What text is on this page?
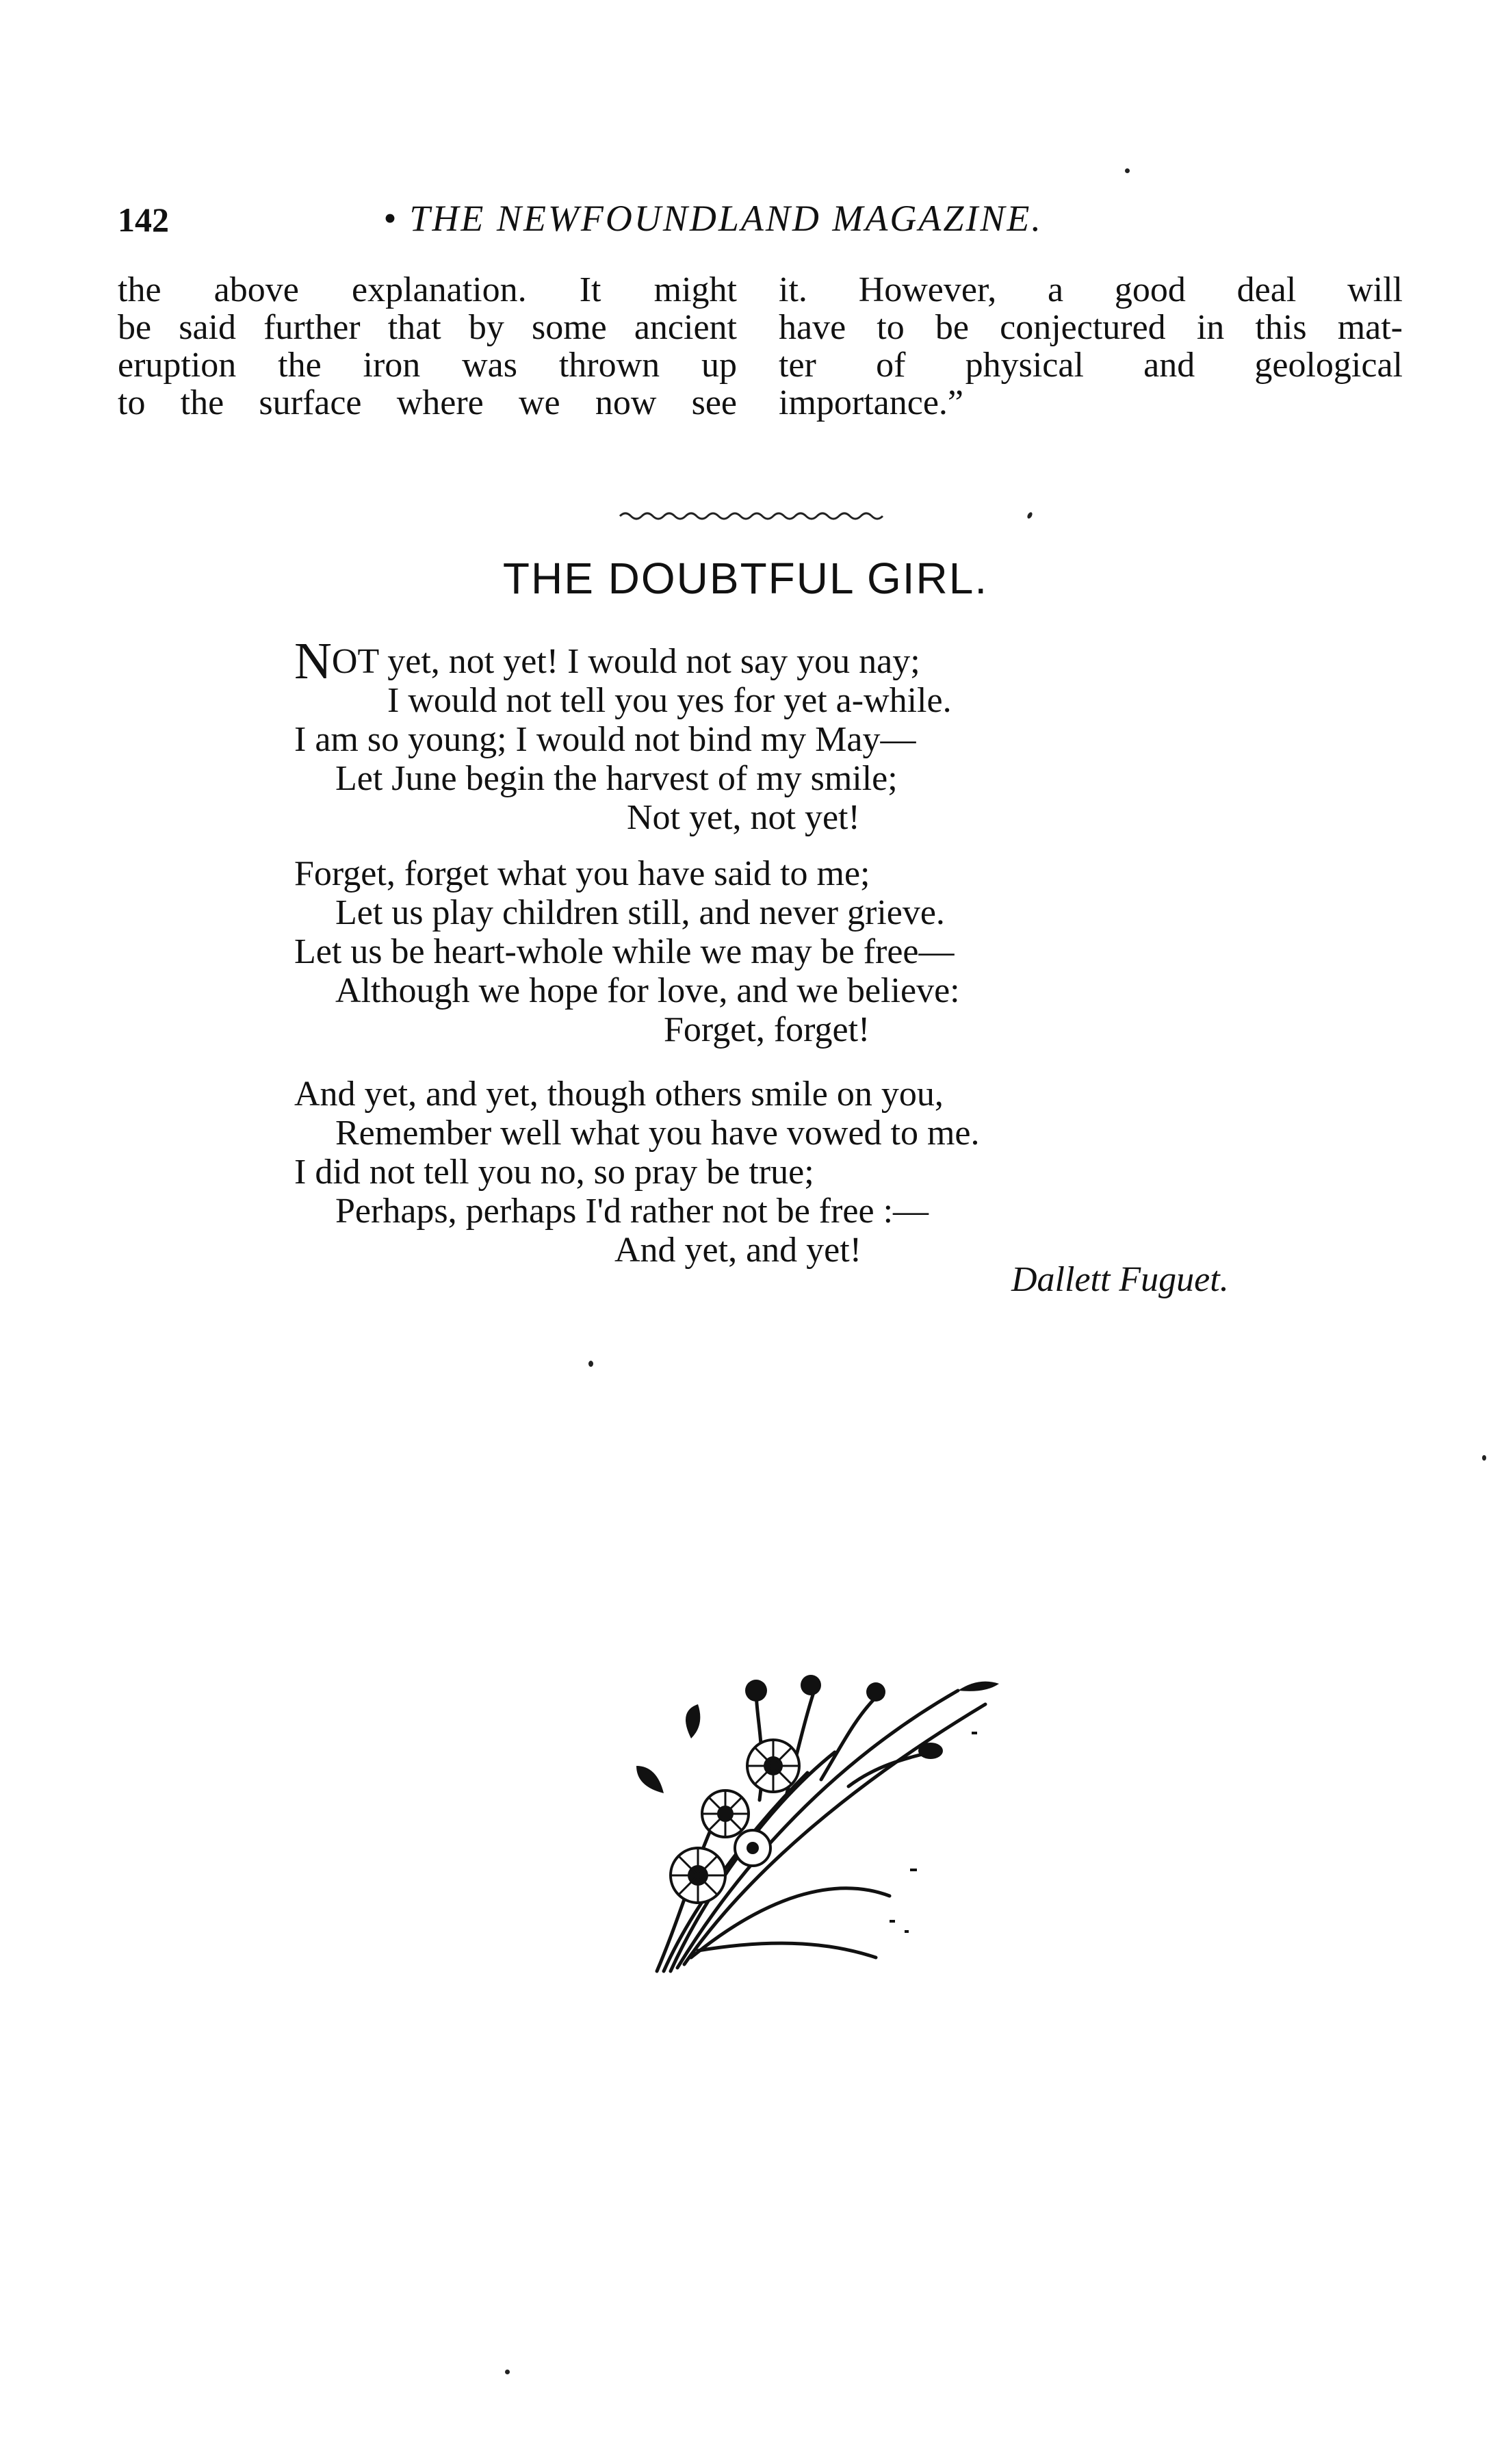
142	• THE NEWFOUNDLAND MAGAZINE.
the above explanation. It might
be said further that by some ancient
eruption the iron was thrown up
to the surface where we now see
it. However, a good deal will
have to be conjectured in this mat-
ter of physical and geological
importance.”
THE DOUBTFUL GIRL.
NOT yet, not yet! I would not say you nay;
I would not tell you yes for yet a-while.
I am so young; I would not bind my May—
Let June begin the harvest of my smile;
Not yet, not yet!
Forget, forget what you have said to me;
Let us play children still, and never grieve.
Let us be heart-whole while we may be free—
Although we hope for love, and we believe:
Forget, forget!
And yet, and yet, though others smile on you,
Remember well what you have vowed to me.
I did not tell you no, so pray be true;
Perhaps, perhaps I'd rather not be free :—
And yet, and yet!
Dallett Fuguet.
